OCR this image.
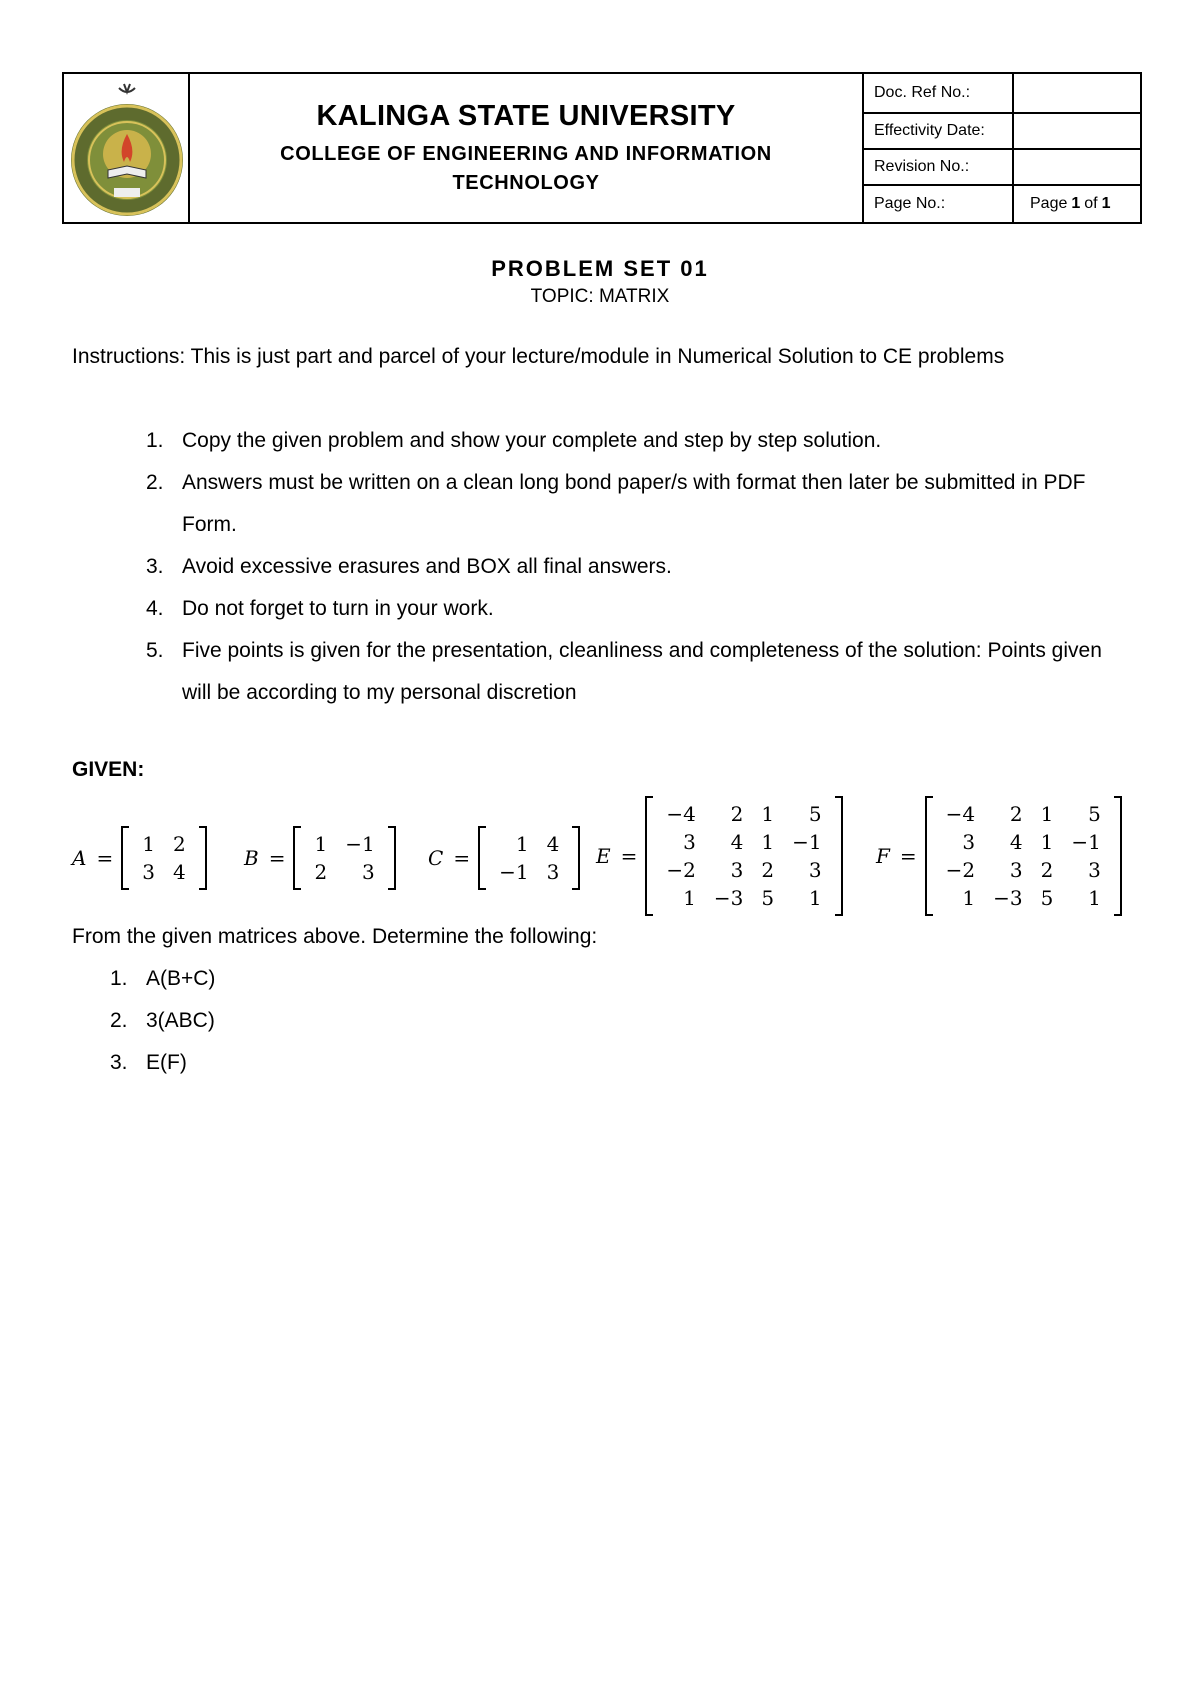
KALINGA STATE UNIVERSITY
COLLEGE OF ENGINEERING AND INFORMATION TECHNOLOGY
Doc. Ref No.:
Effectivity Date:
Revision No.:
Page No.:	Page 1 of 1
PROBLEM SET 01
TOPIC: MATRIX
Instructions: This is just part and parcel of your lecture/module in Numerical Solution to CE problems
1. Copy the given problem and show your complete and step by step solution.
2. Answers must be written on a clean long bond paper/s with format then later be submitted in PDF Form.
3. Avoid excessive erasures and BOX all final answers.
4. Do not forget to turn in your work.
5. Five points is given for the presentation, cleanliness and completeness of the solution: Points given will be according to my personal discretion
GIVEN:
A =
1	2
3	4
B =
1	−1
2	3
C =
1	4
−1	3
E =
−4	2	1	5
3	4	1	−1
−2	3	2	3
1	−3	5	1
F =
−4	2	1	5
3	4	1	−1
−2	3	2	3
1	−3	5	1
From the given matrices above. Determine the following:
1. A(B+C)
2. 3(ABC)
3. E(F)
